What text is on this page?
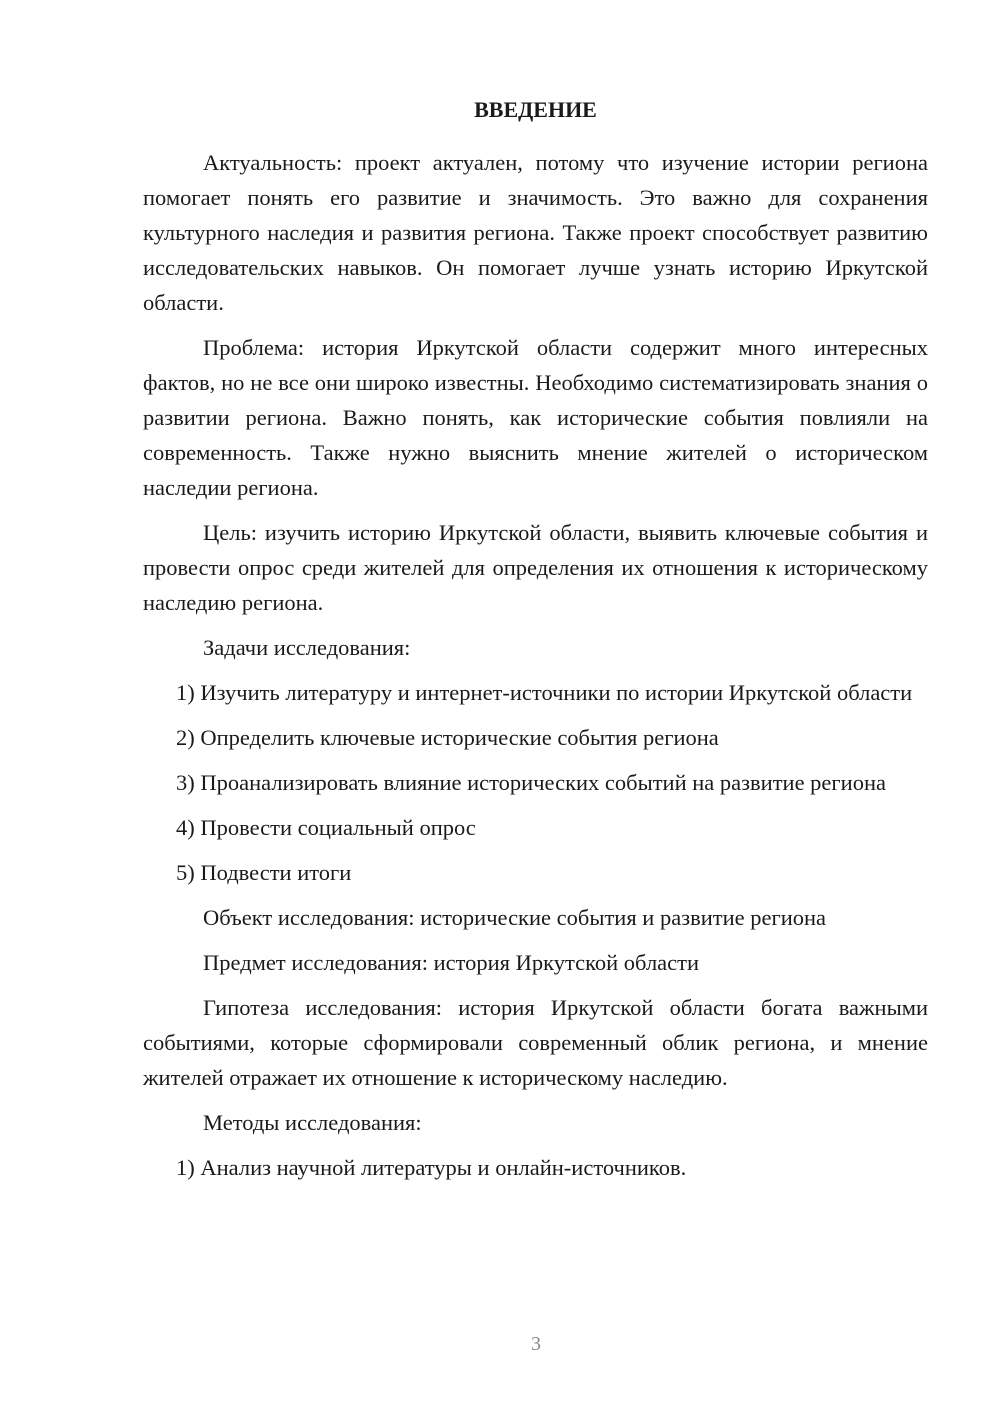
ВВЕДЕНИЕ

Актуальность: проект актуален, потому что изучение истории региона помогает понять его развитие и значимость. Это важно для сохранения культурного наследия и развития региона. Также проект способствует развитию исследовательских навыков. Он помогает лучше узнать историю Иркутской области.

Проблема: история Иркутской области содержит много интересных фактов, но не все они широко известны. Необходимо систематизировать знания о развитии региона. Важно понять, как исторические события повлияли на современность. Также нужно выяснить мнение жителей о историческом наследии региона.

Цель: изучить историю Иркутской области, выявить ключевые события и провести опрос среди жителей для определения их отношения к историческому наследию региона.

Задачи исследования:

1) Изучить литературу и интернет-источники по истории Иркутской области

2) Определить ключевые исторические события региона

3) Проанализировать влияние исторических событий на развитие региона

4) Провести социальный опрос

5) Подвести итоги

Объект исследования: исторические события и развитие региона

Предмет исследования: история Иркутской области

Гипотеза исследования: история Иркутской области богата важными событиями, которые сформировали современный облик региона, и мнение жителей отражает их отношение к историческому наследию.

Методы исследования:

1) Анализ научной литературы и онлайн-источников.

3
